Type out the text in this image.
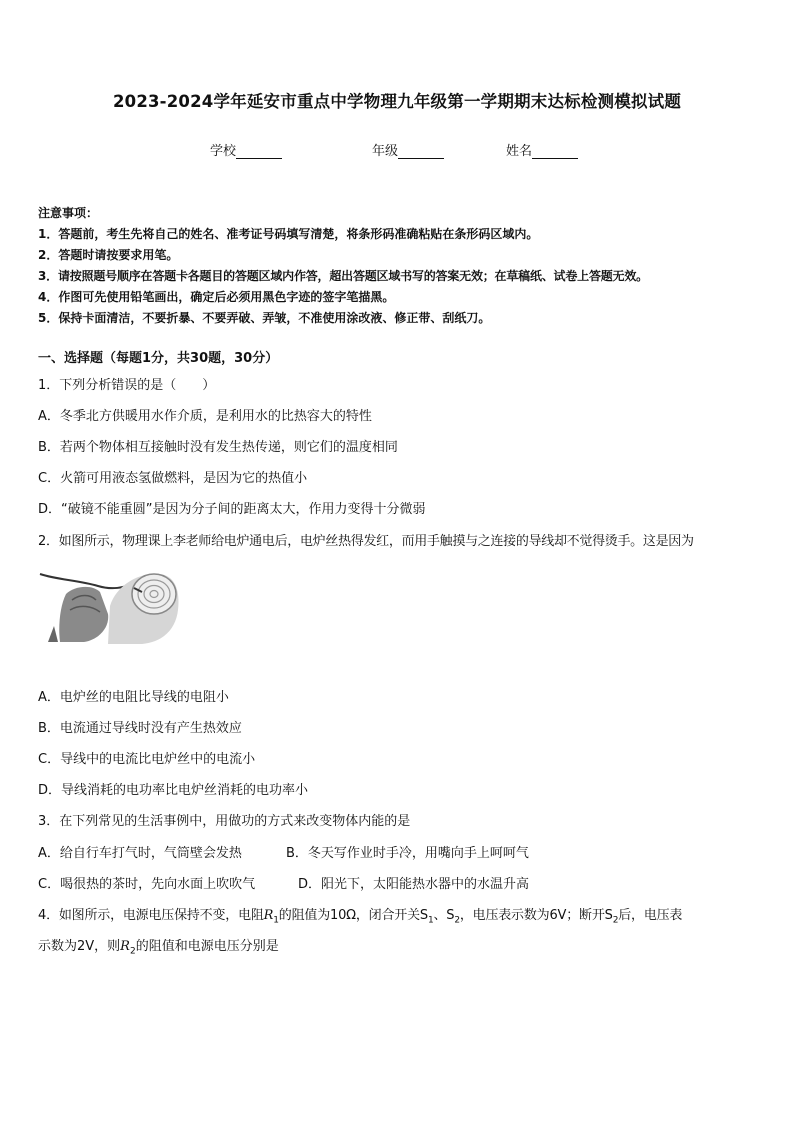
2023-2024学年延安市重点中学物理九年级第一学期期末达标检测模拟试题
学校	年级	姓名
注意事项：
1．答题前，考生先将自己的姓名、准考证号码填写清楚，将条形码准确粘贴在条形码区域内。
2．答题时请按要求用笔。
3．请按照题号顺序在答题卡各题目的答题区域内作答，超出答题区域书写的答案无效；在草稿纸、试卷上答题无效。
4．作图可先使用铅笔画出，确定后必须用黑色字迹的签字笔描黑。
5．保持卡面清洁，不要折暴、不要弄破、弄皱，不准使用涂改液、修正带、刮纸刀。
一、选择题（每题1分，共30题，30分）
1．下列分析错误的是（　　）
A．冬季北方供暖用水作介质，是利用水的比热容大的特性
B．若两个物体相互接触时没有发生热传递，则它们的温度相同
C．火箭可用液态氢做燃料，是因为它的热值小
D．“破镜不能重圆”是因为分子间的距离太大，作用力变得十分微弱
2．如图所示，物理课上李老师给电炉通电后，电炉丝热得发红，而用手触摸与之连接的导线却不觉得烫手。这是因为
A．电炉丝的电阻比导线的电阻小
B．电流通过导线时没有产生热效应
C．导线中的电流比电炉丝中的电流小
D．导线消耗的电功率比电炉丝消耗的电功率小
3．在下列常见的生活事例中，用做功的方式来改变物体内能的是
A．给自行车打气时，气筒壁会发热	B．冬天写作业时手冷，用嘴向手上呵呵气
C．喝很热的茶时，先向水面上吹吹气	D．阳光下，太阳能热水器中的水温升高
4．如图所示，电源电压保持不变，电阻$R_1$的阻值为10Ω，闭合开关$S_1$、$S_2$，电压表示数为6V；断开$S_2$后，电压表
示数为2V，则$R_2$的阻值和电源电压分别是
